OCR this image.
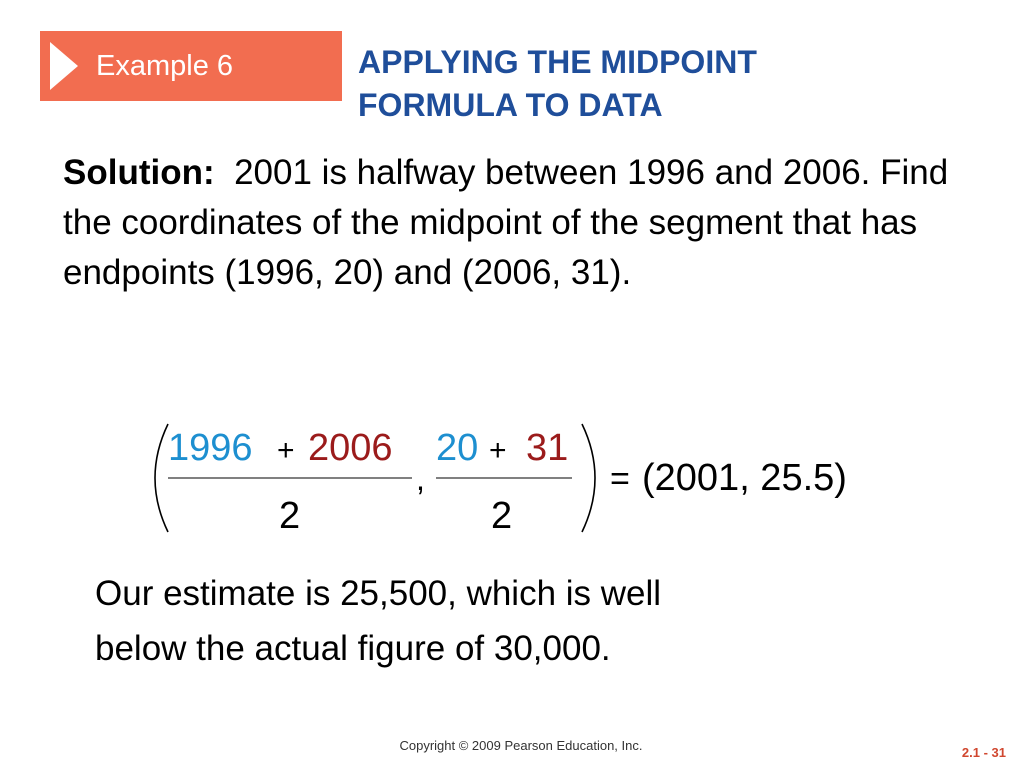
Example 6	APPLYING THE MIDPOINT
FORMULA TO DATA
Solution: 2001 is halfway between 1996 and 2006. Find the coordinates of the midpoint of the segment that has endpoints (1996, 20) and (2006, 31).
1996 + 2006
2
,
20 + 31
2
= (2001, 25.5)
Our estimate is 25,500, which is well
below the actual figure of 30,000.
Copyright © 2009 Pearson Education, Inc.	2.1 - 31
